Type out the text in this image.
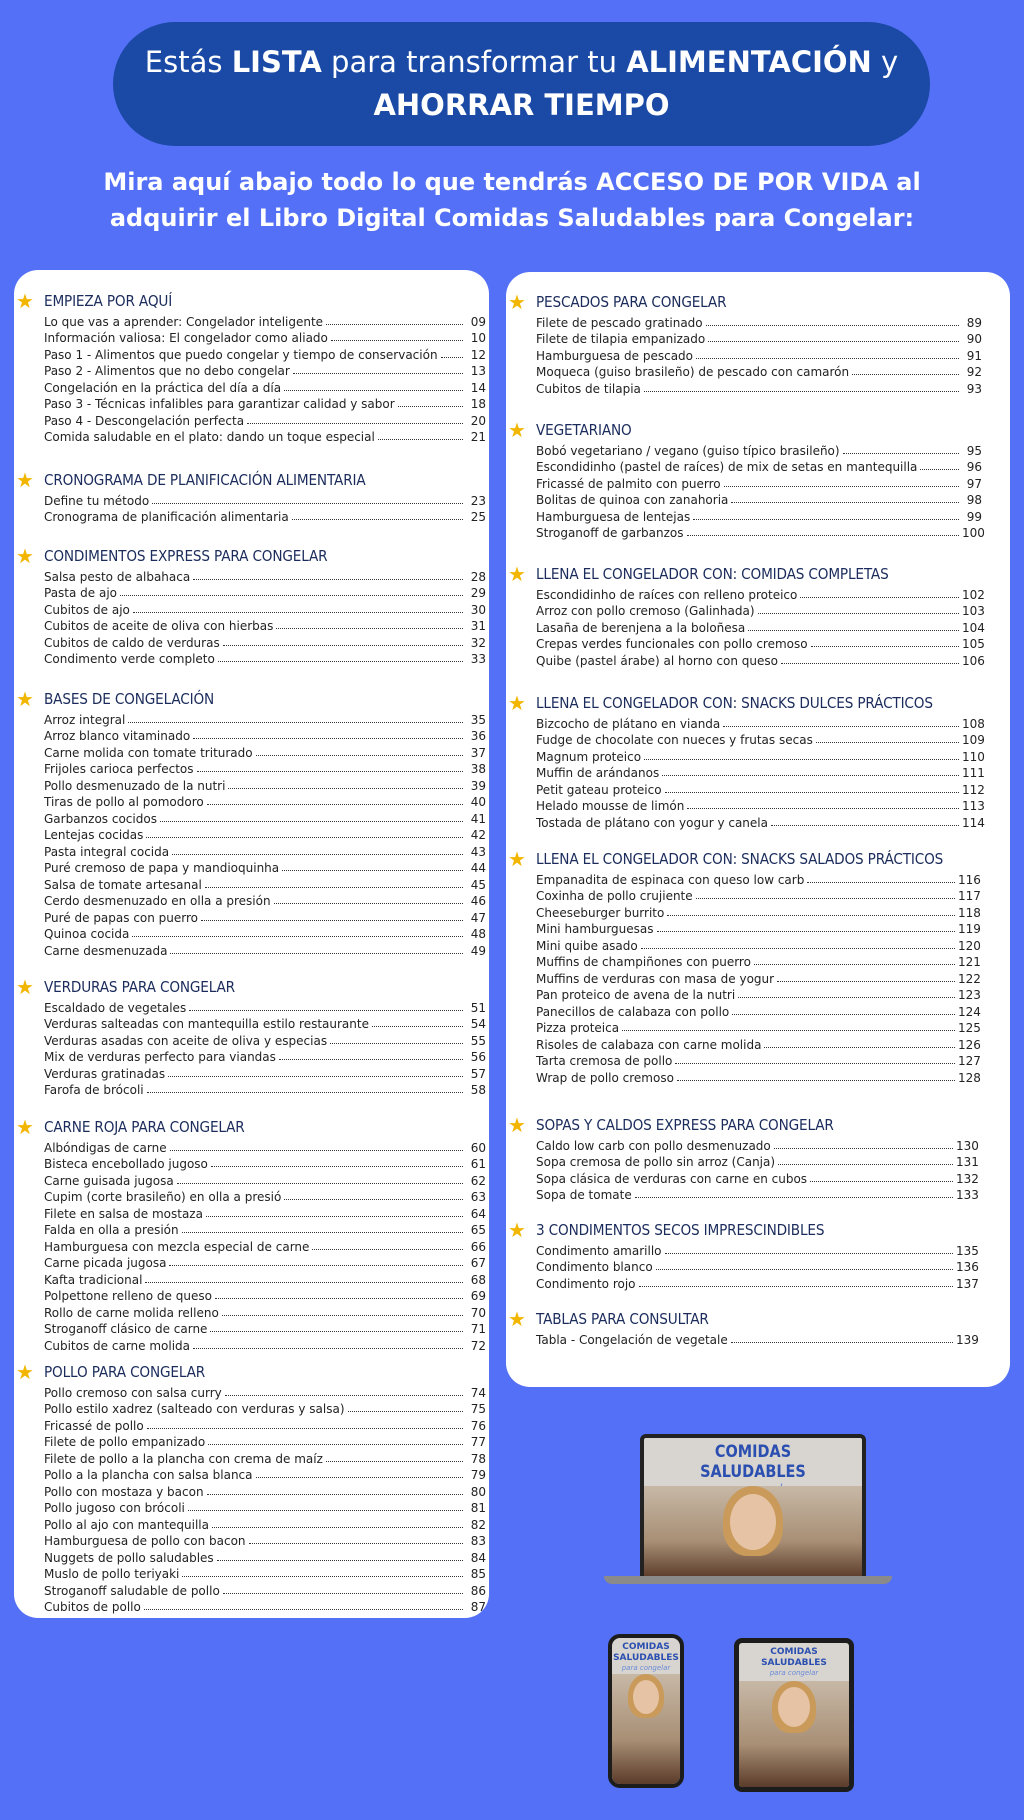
Estás LISTA para transformar tu ALIMENTACIÓN y
AHORRAR TIEMPO
Mira aquí abajo todo lo que tendrás ACCESO DE POR VIDA al
adquirir el Libro Digital Comidas Saludables para Congelar:
★ EMPIEZA POR AQUÍ
Lo que vas a aprender: Congelador inteligente	09
Información valiosa: El congelador como aliado	10
Paso 1 - Alimentos que puedo congelar y tiempo de conservación	12
Paso 2 - Alimentos que no debo congelar	13
Congelación en la práctica del día a día	14
Paso 3 - Técnicas infalibles para garantizar calidad y sabor	18
Paso 4 - Descongelación perfecta	20
Comida saludable en el plato: dando un toque especial	21
★ CRONOGRAMA DE PLANIFICACIÓN ALIMENTARIA
Define tu método	23
Cronograma de planificación alimentaria	25
★ CONDIMENTOS EXPRESS PARA CONGELAR
Salsa pesto de albahaca	28
Pasta de ajo	29
Cubitos de ajo	30
Cubitos de aceite de oliva con hierbas	31
Cubitos de caldo de verduras	32
Condimento verde completo	33
★ BASES DE CONGELACIÓN
Arroz integral	35
Arroz blanco vitaminado	36
Carne molida con tomate triturado	37
Frijoles carioca perfectos	38
Pollo desmenuzado de la nutri	39
Tiras de pollo al pomodoro	40
Garbanzos cocidos	41
Lentejas cocidas	42
Pasta integral cocida	43
Puré cremoso de papa y mandioquinha	44
Salsa de tomate artesanal	45
Cerdo desmenuzado en olla a presión	46
Puré de papas con puerro	47
Quinoa cocida	48
Carne desmenuzada	49
★ VERDURAS PARA CONGELAR
Escaldado de vegetales	51
Verduras salteadas con mantequilla estilo restaurante	54
Verduras asadas con aceite de oliva y especias	55
Mix de verduras perfecto para viandas	56
Verduras gratinadas	57
Farofa de brócoli	58
★ CARNE ROJA PARA CONGELAR
Albóndigas de carne	60
Bisteca encebollado jugoso	61
Carne guisada jugosa	62
Cupim (corte brasileño) en olla a presió	63
Filete en salsa de mostaza	64
Falda en olla a presión	65
Hamburguesa con mezcla especial de carne	66
Carne picada jugosa	67
Kafta tradicional	68
Polpettone relleno de queso	69
Rollo de carne molida relleno	70
Stroganoff clásico de carne	71
Cubitos de carne molida	72
★ POLLO PARA CONGELAR
Pollo cremoso con salsa curry	74
Pollo estilo xadrez (salteado con verduras y salsa)	75
Fricassé de pollo	76
Filete de pollo empanizado	77
Filete de pollo a la plancha con crema de maíz	78
Pollo a la plancha con salsa blanca	79
Pollo con mostaza y bacon	80
Pollo jugoso con brócoli	81
Pollo al ajo con mantequilla	82
Hamburguesa de pollo con bacon	83
Nuggets de pollo saludables	84
Muslo de pollo teriyaki	85
Stroganoff saludable de pollo	86
Cubitos de pollo	87
★ PESCADOS PARA CONGELAR
Filete de pescado gratinado	89
Filete de tilapia empanizado	90
Hamburguesa de pescado	91
Moqueca (guiso brasileño) de pescado con camarón	92
Cubitos de tilapia	93
★ VEGETARIANO
Bobó vegetariano / vegano (guiso típico brasileño)	95
Escondidinho (pastel de raíces) de mix de setas en mantequilla	96
Fricassé de palmito con puerro	97
Bolitas de quinoa con zanahoria	98
Hamburguesa de lentejas	99
Stroganoff de garbanzos	100
★ LLENA EL CONGELADOR CON: COMIDAS COMPLETAS
Escondidinho de raíces con relleno proteico	102
Arroz con pollo cremoso (Galinhada)	103
Lasaña de berenjena a la boloñesa	104
Crepas verdes funcionales con pollo cremoso	105
Quibe (pastel árabe) al horno con queso	106
★ LLENA EL CONGELADOR CON: SNACKS DULCES PRÁCTICOS
Bizcocho de plátano en vianda	108
Fudge de chocolate con nueces y frutas secas	109
Magnum proteico	110
Muffin de arándanos	111
Petit gateau proteico	112
Helado mousse de limón	113
Tostada de plátano con yogur y canela	114
★ LLENA EL CONGELADOR CON: SNACKS SALADOS PRÁCTICOS
Empanadita de espinaca con queso low carb	116
Coxinha de pollo crujiente	117
Cheeseburger burrito	118
Mini hamburguesas	119
Mini quibe asado	120
Muffins de champiñones con puerro	121
Muffins de verduras con masa de yogur	122
Pan proteico de avena de la nutri	123
Panecillos de calabaza con pollo	124
Pizza proteica	125
Risoles de calabaza con carne molida	126
Tarta cremosa de pollo	127
Wrap de pollo cremoso	128
★ SOPAS Y CALDOS EXPRESS PARA CONGELAR
Caldo low carb con pollo desmenuzado	130
Sopa cremosa de pollo sin arroz (Canja)	131
Sopa clásica de verduras con carne en cubos	132
Sopa de tomate	133
★ 3 CONDIMENTOS SECOS IMPRESCINDIBLES
Condimento amarillo	135
Condimento blanco	136
Condimento rojo	137
★ TABLAS PARA CONSULTAR
Tabla - Congelación de vegetale	139
COMIDAS SALUDABLES
COMIDAS SALUDABLES
para congelar
COMIDAS SALUDABLES
para congelar
